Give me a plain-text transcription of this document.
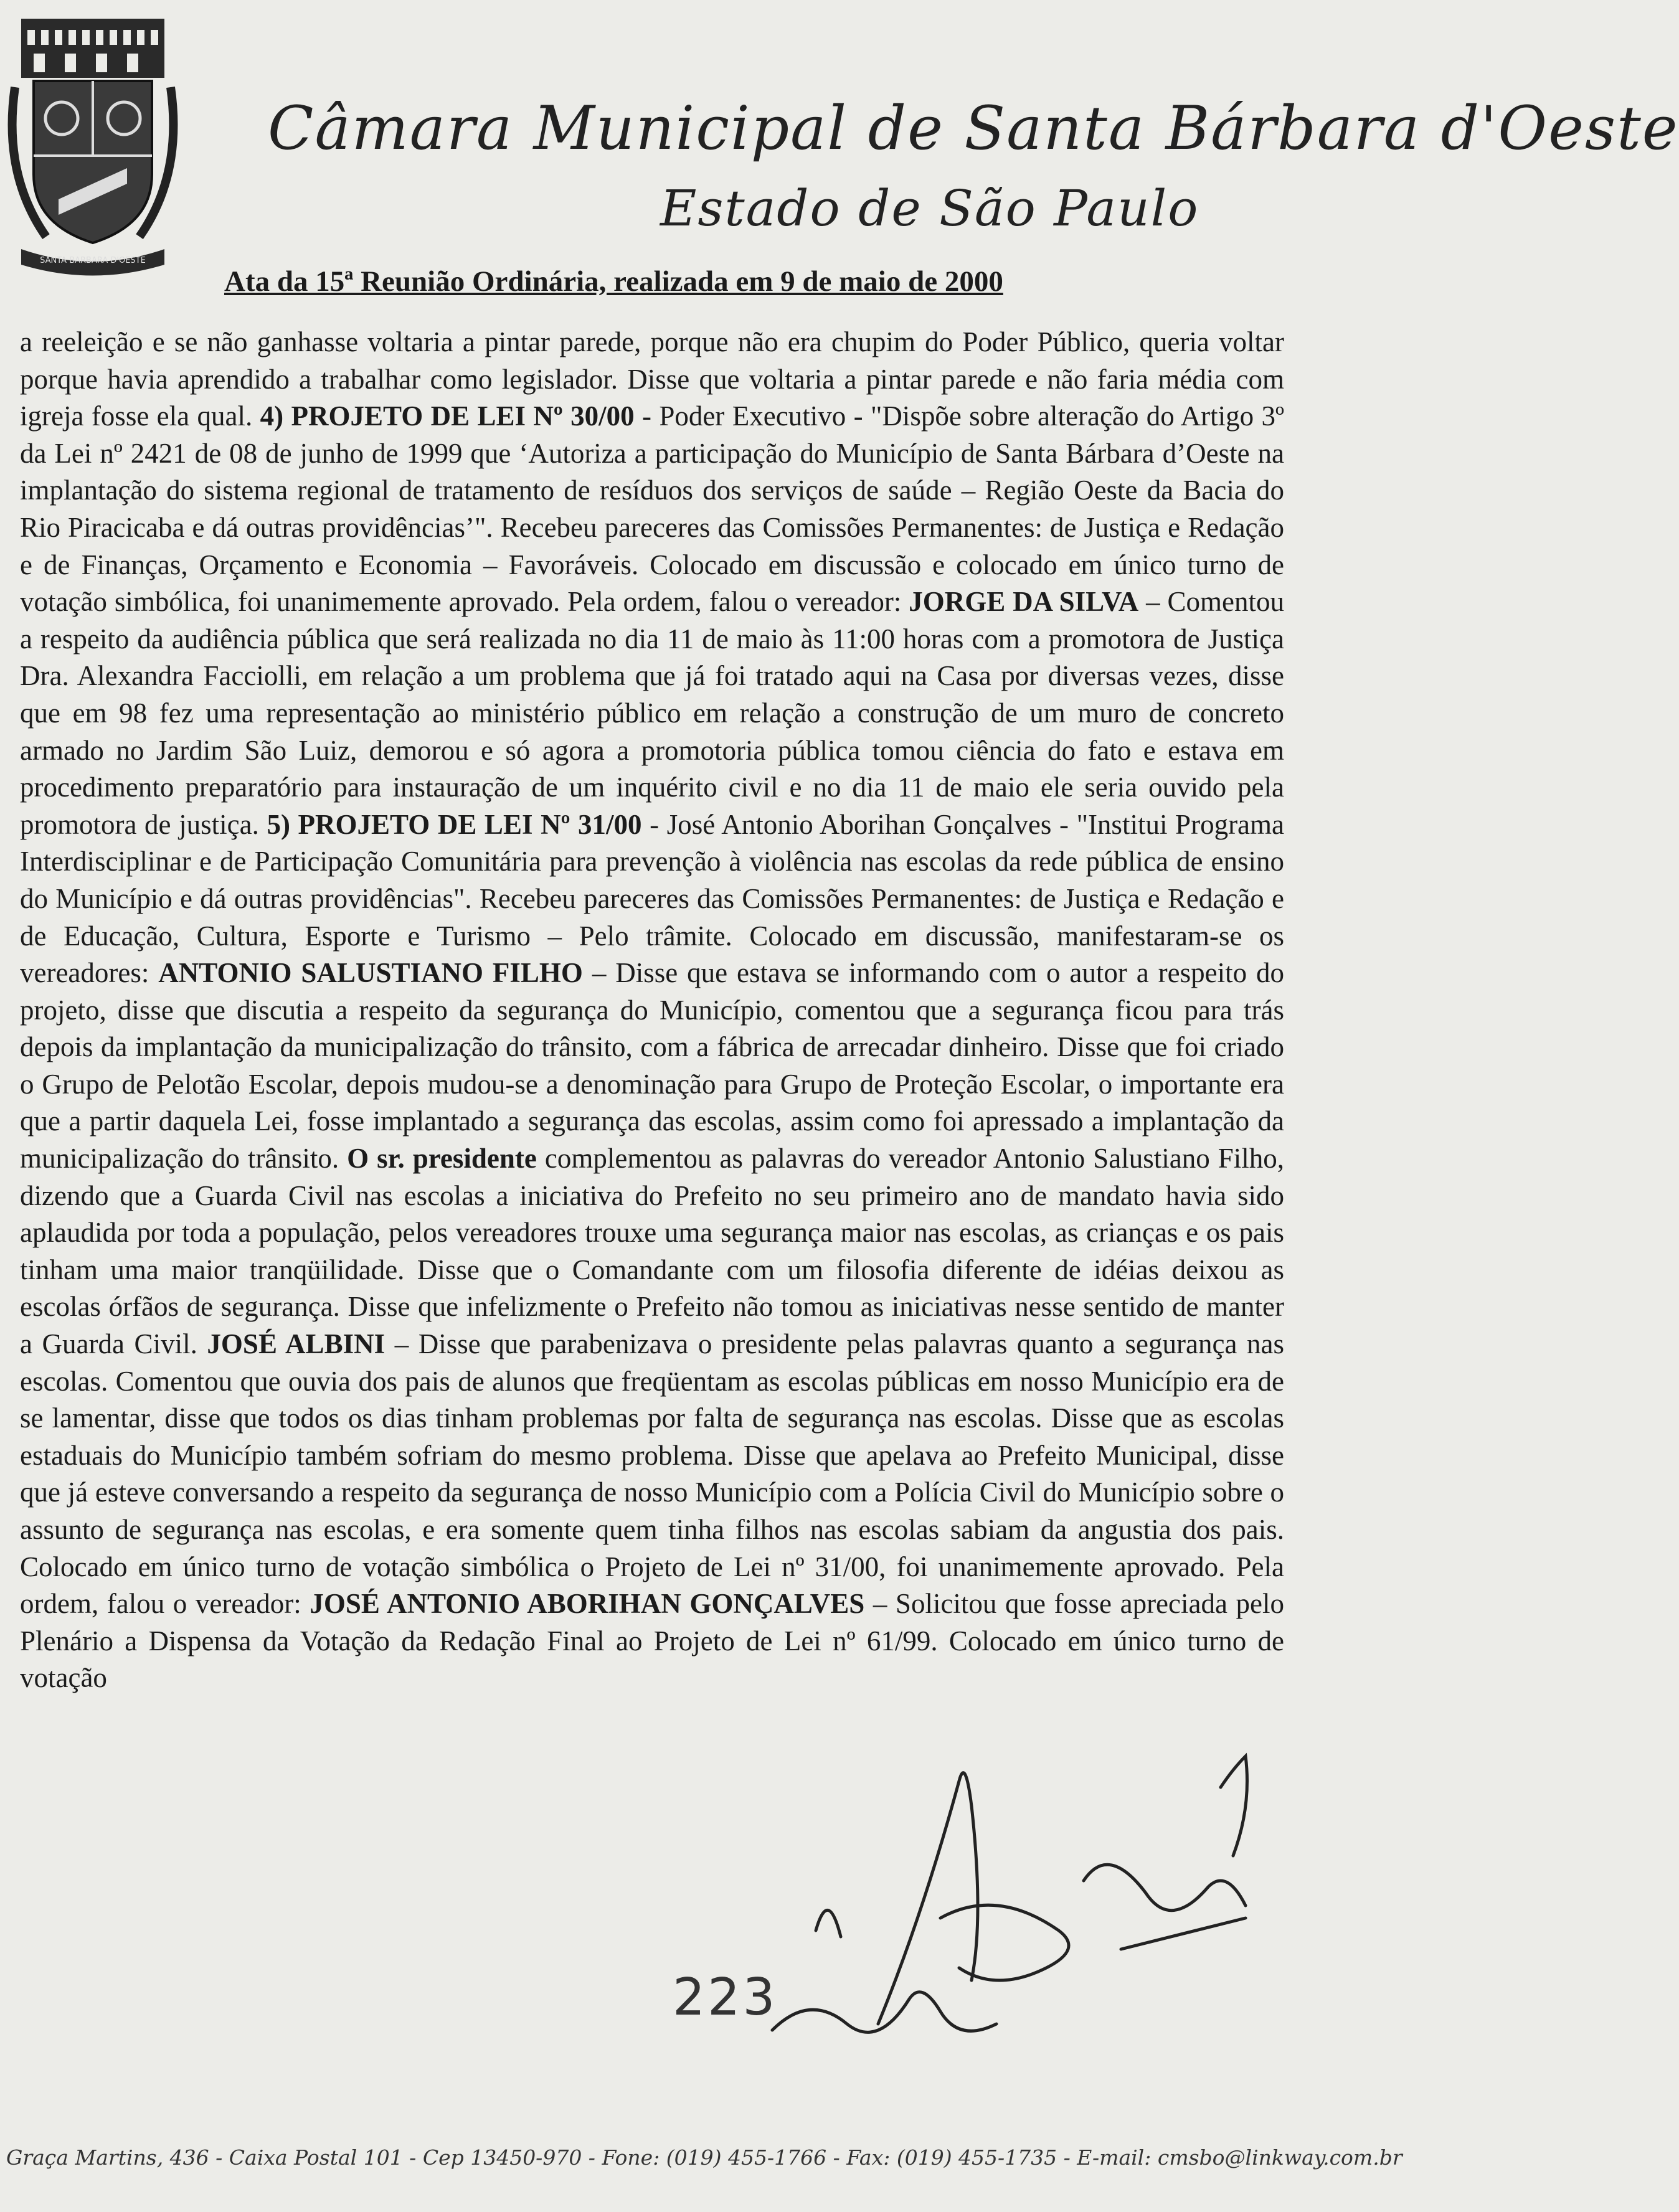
SANTA BARBARA D'OESTE
Câmara Municipal de Santa Bárbara d'Oeste
Estado de São Paulo
Ata da 15ª Reunião Ordinária, realizada em 9 de maio de 2000
a reeleição e se não ganhasse voltaria a pintar parede, porque não era chupim do Poder Público, queria voltar porque havia aprendido a trabalhar como legislador. Disse que voltaria a pintar parede e não faria média com igreja fosse ela qual. 4) PROJETO DE LEI Nº 30/00 - Poder Executivo - "Dispõe sobre alteração do Artigo 3º da Lei nº 2421 de 08 de junho de 1999 que ‘Autoriza a participação do Município de Santa Bárbara d’Oeste na implantação do sistema regional de tratamento de resíduos dos serviços de saúde – Região Oeste da Bacia do Rio Piracicaba e dá outras providências’". Recebeu pareceres das Comissões Permanentes: de Justiça e Redação e de Finanças, Orçamento e Economia – Favoráveis. Colocado em discussão e colocado em único turno de votação simbólica, foi unanimemente aprovado. Pela ordem, falou o vereador: JORGE DA SILVA – Comentou a respeito da audiência pública que será realizada no dia 11 de maio às 11:00 horas com a promotora de Justiça Dra. Alexandra Facciolli, em relação a um problema que já foi tratado aqui na Casa por diversas vezes, disse que em 98 fez uma representação ao ministério público em relação a construção de um muro de concreto armado no Jardim São Luiz, demorou e só agora a promotoria pública tomou ciência do fato e estava em procedimento preparatório para instauração de um inquérito civil e no dia 11 de maio ele seria ouvido pela promotora de justiça. 5) PROJETO DE LEI Nº 31/00 - José Antonio Aborihan Gonçalves - "Institui Programa Interdisciplinar e de Participação Comunitária para prevenção à violência nas escolas da rede pública de ensino do Município e dá outras providências". Recebeu pareceres das Comissões Permanentes: de Justiça e Redação e de Educação, Cultura, Esporte e Turismo – Pelo trâmite. Colocado em discussão, manifestaram-se os vereadores: ANTONIO SALUSTIANO FILHO – Disse que estava se informando com o autor a respeito do projeto, disse que discutia a respeito da segurança do Município, comentou que a segurança ficou para trás depois da implantação da municipalização do trânsito, com a fábrica de arrecadar dinheiro. Disse que foi criado o Grupo de Pelotão Escolar, depois mudou-se a denominação para Grupo de Proteção Escolar, o importante era que a partir daquela Lei, fosse implantado a segurança das escolas, assim como foi apressado a implantação da municipalização do trânsito. O sr. presidente complementou as palavras do vereador Antonio Salustiano Filho, dizendo que a Guarda Civil nas escolas a iniciativa do Prefeito no seu primeiro ano de mandato havia sido aplaudida por toda a população, pelos vereadores trouxe uma segurança maior nas escolas, as crianças e os pais tinham uma maior tranqüilidade. Disse que o Comandante com um filosofia diferente de idéias deixou as escolas órfãos de segurança. Disse que infelizmente o Prefeito não tomou as iniciativas nesse sentido de manter a Guarda Civil. JOSÉ ALBINI – Disse que parabenizava o presidente pelas palavras quanto a segurança nas escolas. Comentou que ouvia dos pais de alunos que freqüentam as escolas públicas em nosso Município era de se lamentar, disse que todos os dias tinham problemas por falta de segurança nas escolas. Disse que as escolas estaduais do Município também sofriam do mesmo problema. Disse que apelava ao Prefeito Municipal, disse que já esteve conversando a respeito da segurança de nosso Município com a Polícia Civil do Município sobre o assunto de segurança nas escolas, e era somente quem tinha filhos nas escolas sabiam da angustia dos pais. Colocado em único turno de votação simbólica o Projeto de Lei nº 31/00, foi unanimemente aprovado. Pela ordem, falou o vereador: JOSÉ ANTONIO ABORIHAN GONÇALVES – Solicitou que fosse apreciada pelo Plenário a Dispensa da Votação da Redação Final ao Projeto de Lei nº 61/99. Colocado em único turno de votação
223
Graça Martins, 436 - Caixa Postal 101 - Cep 13450-970 - Fone: (019) 455-1766 - Fax: (019) 455-1735 - E-mail: cmsbo@linkway.com.br
